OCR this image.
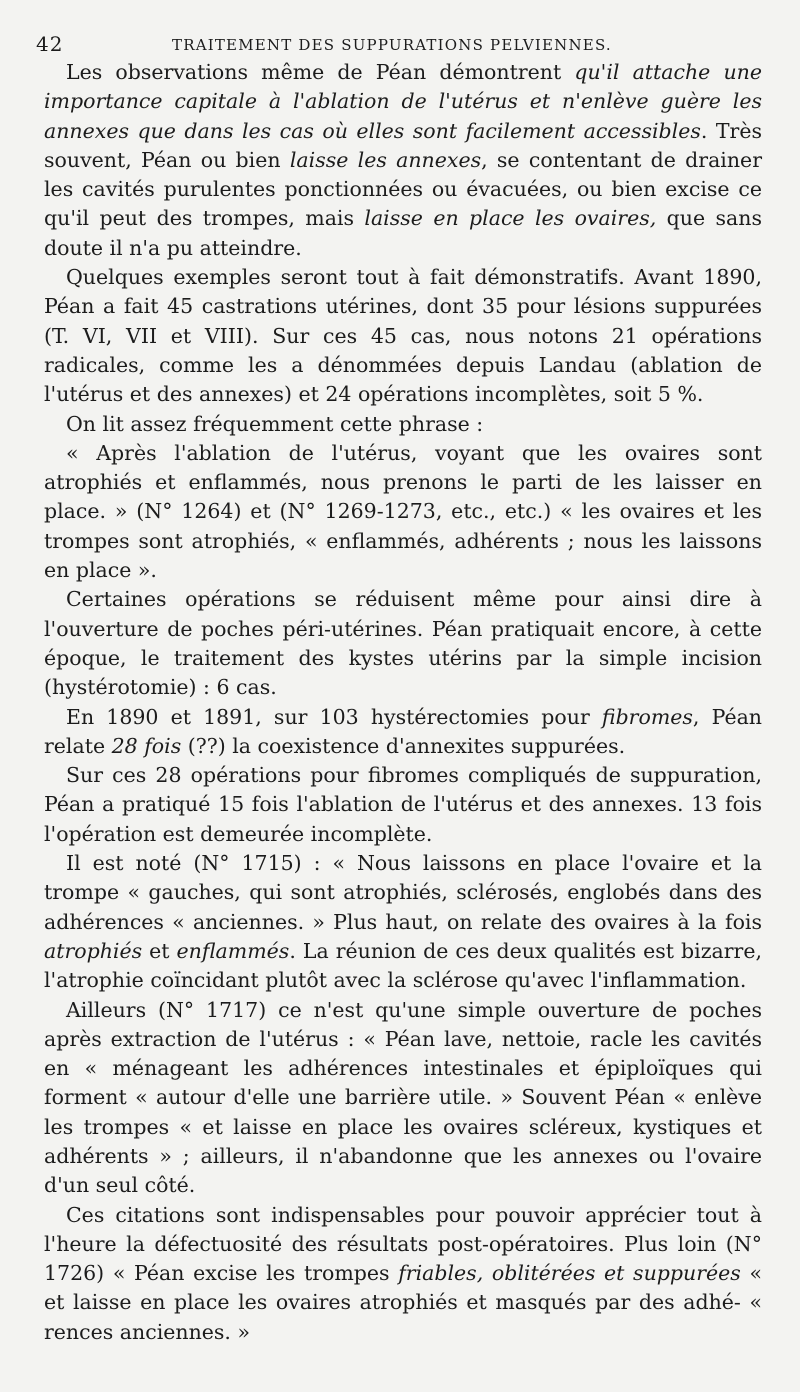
42	TRAITEMENT DES SUPPURATIONS PELVIENNES.

Les observations même de Péan démontrent qu'il attache une importance capitale à l'ablation de l'utérus et n'enlève guère les annexes que dans les cas où elles sont facilement accessibles. Très souvent, Péan ou bien laisse les annexes, se contentant de drainer les cavités purulentes ponctionnées ou évacuées, ou bien excise ce qu'il peut des trompes, mais laisse en place les ovaires, que sans doute il n'a pu atteindre.

Quelques exemples seront tout à fait démonstratifs. Avant 1890, Péan a fait 45 castrations utérines, dont 35 pour lésions suppurées (T. VI, VII et VIII). Sur ces 45 cas, nous notons 21 opérations radicales, comme les a dénommées depuis Landau (ablation de l'utérus et des annexes) et 24 opérations incomplètes, soit 5 %.

On lit assez fréquemment cette phrase :

« Après l'ablation de l'utérus, voyant que les ovaires sont atrophiés et enflammés, nous prenons le parti de les laisser en place. » (N° 1264) et (N° 1269-1273, etc., etc.) « les ovaires et les trompes sont atrophiés, « enflammés, adhérents ; nous les laissons en place ».

Certaines opérations se réduisent même pour ainsi dire à l'ouverture de poches péri-utérines. Péan pratiquait encore, à cette époque, le traitement des kystes utérins par la simple incision (hystérotomie) : 6 cas.

En 1890 et 1891, sur 103 hystérectomies pour fibromes, Péan relate 28 fois (??) la coexistence d'annexites suppurées.

Sur ces 28 opérations pour fibromes compliqués de suppuration, Péan a pratiqué 15 fois l'ablation de l'utérus et des annexes. 13 fois l'opération est demeurée incomplète.

Il est noté (N° 1715) : « Nous laissons en place l'ovaire et la trompe « gauches, qui sont atrophiés, sclérosés, englobés dans des adhérences « anciennes. » Plus haut, on relate des ovaires à la fois atrophiés et enflammés. La réunion de ces deux qualités est bizarre, l'atrophie coïncidant plutôt avec la sclérose qu'avec l'inflammation.

Ailleurs (N° 1717) ce n'est qu'une simple ouverture de poches après extraction de l'utérus : « Péan lave, nettoie, racle les cavités en « ménageant les adhérences intestinales et épiploïques qui forment « autour d'elle une barrière utile. » Souvent Péan « enlève les trompes « et laisse en place les ovaires scléreux, kystiques et adhérents » ; ailleurs, il n'abandonne que les annexes ou l'ovaire d'un seul côté.

Ces citations sont indispensables pour pouvoir apprécier tout à l'heure la défectuosité des résultats post-opératoires. Plus loin (N° 1726) « Péan excise les trompes friables, oblitérées et suppurées « et laisse en place les ovaires atrophiés et masqués par des adhé- « rences anciennes. »
